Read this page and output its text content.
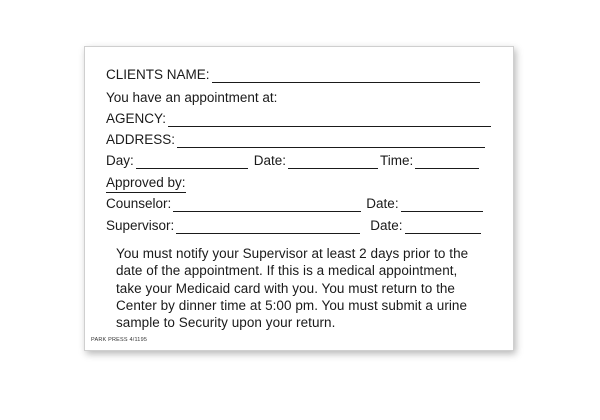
CLIENTS NAME:
You have an appointment at:
AGENCY:
ADDRESS:
Day:	Date:	Time:
Approved by:
Counselor:	Date:
Supervisor:	Date:
You must notify your Supervisor at least 2 days prior to the
date of the appointment. If this is a medical appointment,
take your Medicaid card with you. You must return to the
Center by dinner time at 5:00 pm. You must submit a urine
sample to Security upon your return.
PARK PRESS 4/1195
